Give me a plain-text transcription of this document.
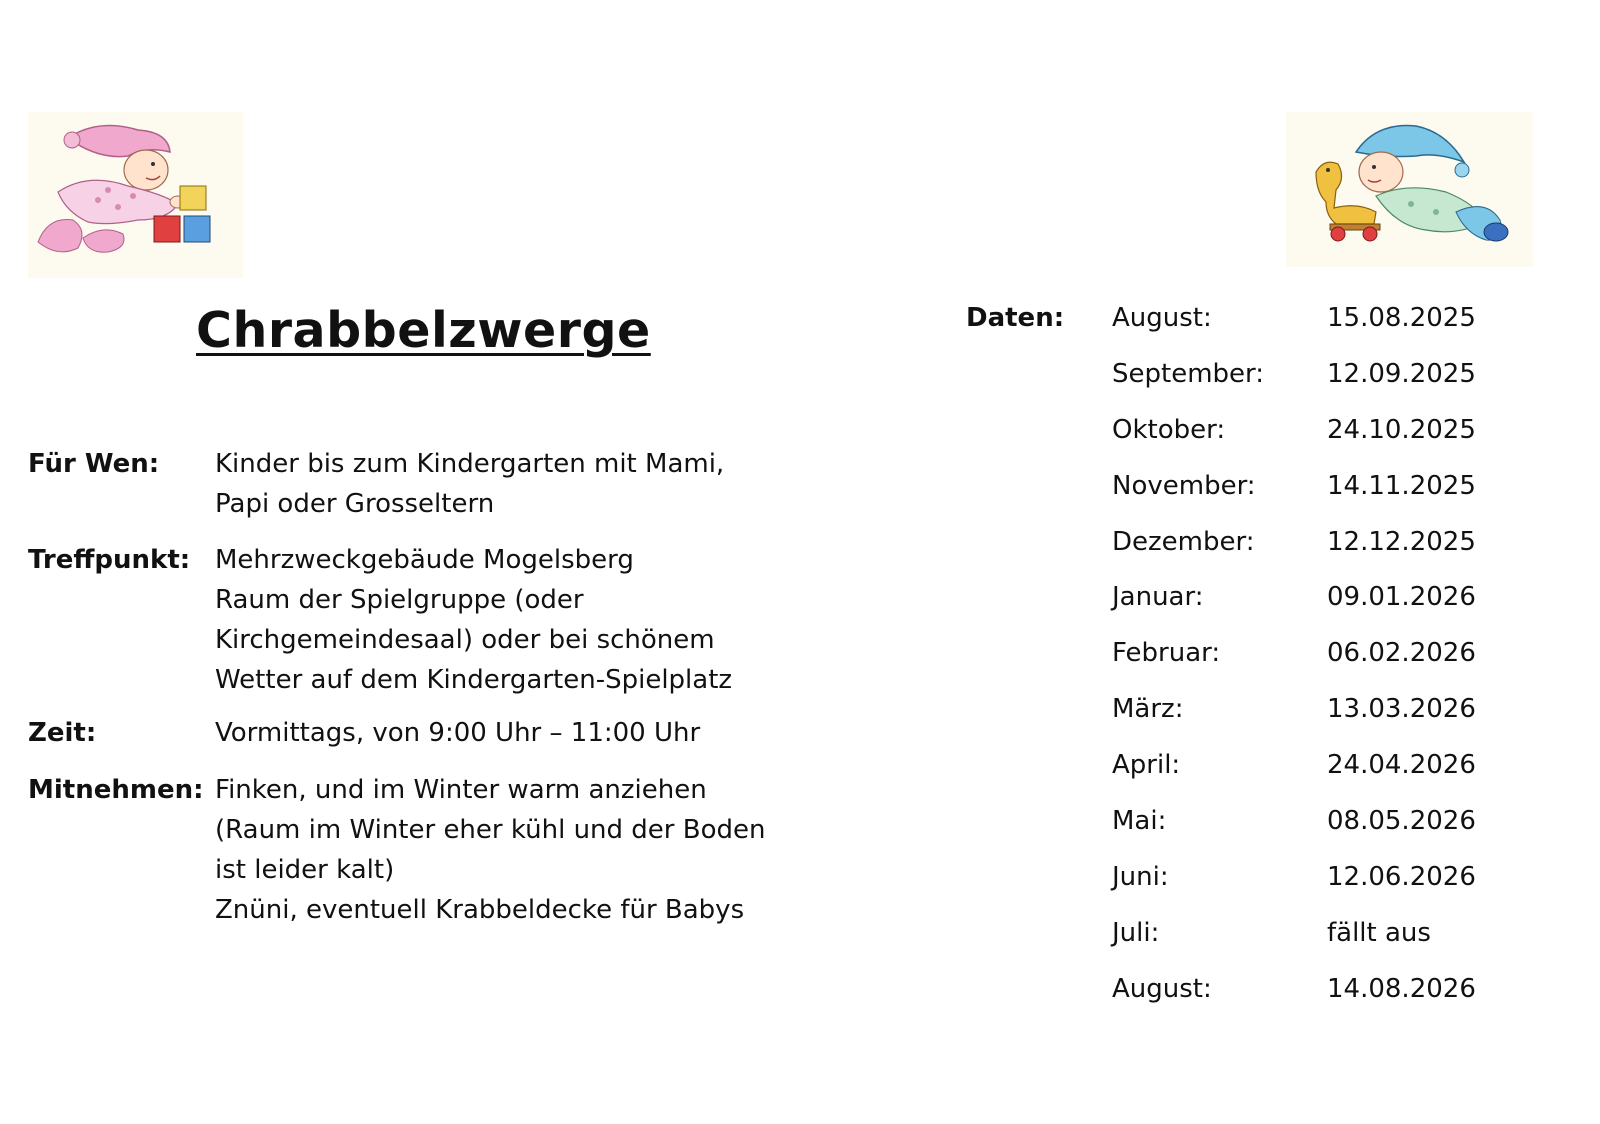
Chrabbelzwerge
Für Wen: Kinder bis zum Kindergarten mit Mami,
Papi oder Grosseltern
Treffpunkt: Mehrzweckgebäude Mogelsberg
Raum der Spielgruppe (oder
Kirchgemeindesaal) oder bei schönem
Wetter auf dem Kindergarten-Spielplatz
Zeit:	Vormittags, von 9:00 Uhr – 11:00 Uhr
Mitnehmen: Finken, und im Winter warm anziehen
(Raum im Winter eher kühl und der Boden
ist leider kalt)
Znüni, eventuell Krabbeldecke für Babys
Daten: August:	15.08.2025
September: 12.09.2025
Oktober:	24.10.2025
November:	14.11.2025
Dezember:	12.12.2025
Januar:	09.01.2026
Februar:	06.02.2026
März:	13.03.2026
April:	24.04.2026
Mai:	08.05.2026
Juni:	12.06.2026
Juli:	fällt aus
August:	14.08.2026
